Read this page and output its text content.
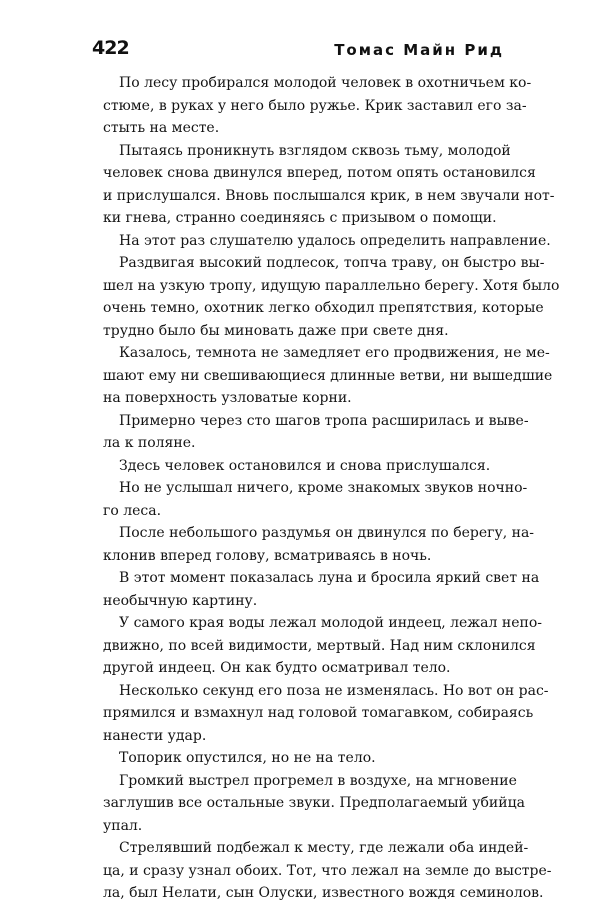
422	Томас Майн Рид
По лесу пробирался молодой человек в охотничьем ко-
стюме, в руках у него было ружье. Крик заставил его за-
стыть на месте.
Пытаясь проникнуть взглядом сквозь тьму, молодой
человек снова двинулся вперед, потом опять остановился
и прислушался. Вновь послышался крик, в нем звучали нот-
ки гнева, странно соединяясь с призывом о помощи.
На этот раз слушателю удалось определить направление.
Раздвигая высокий подлесок, топча траву, он быстро вы-
шел на узкую тропу, идущую параллельно берегу. Хотя было
очень темно, охотник легко обходил препятствия, которые
трудно было бы миновать даже при свете дня.
Казалось, темнота не замедляет его продвижения, не ме-
шают ему ни свешивающиеся длинные ветви, ни вышедшие
на поверхность узловатые корни.
Примерно через сто шагов тропа расширилась и выве-
ла к поляне.
Здесь человек остановился и снова прислушался.
Но не услышал ничего, кроме знакомых звуков ночно-
го леса.
После небольшого раздумья он двинулся по берегу, на-
клонив вперед голову, всматриваясь в ночь.
В этот момент показалась луна и бросила яркий свет на
необычную картину.
У самого края воды лежал молодой индеец, лежал непо-
движно, по всей видимости, мертвый. Над ним склонился
другой индеец. Он как будто осматривал тело.
Несколько секунд его поза не изменялась. Но вот он рас-
прямился и взмахнул над головой томагавком, собираясь
нанести удар.
Топорик опустился, но не на тело.
Громкий выстрел прогремел в воздухе, на мгновение
заглушив все остальные звуки. Предполагаемый убийца
упал.
Стрелявший подбежал к месту, где лежали оба индей-
ца, и сразу узнал обоих. Тот, что лежал на земле до выстре-
ла, был Нелати, сын Олуски, известного вождя семинолов.
